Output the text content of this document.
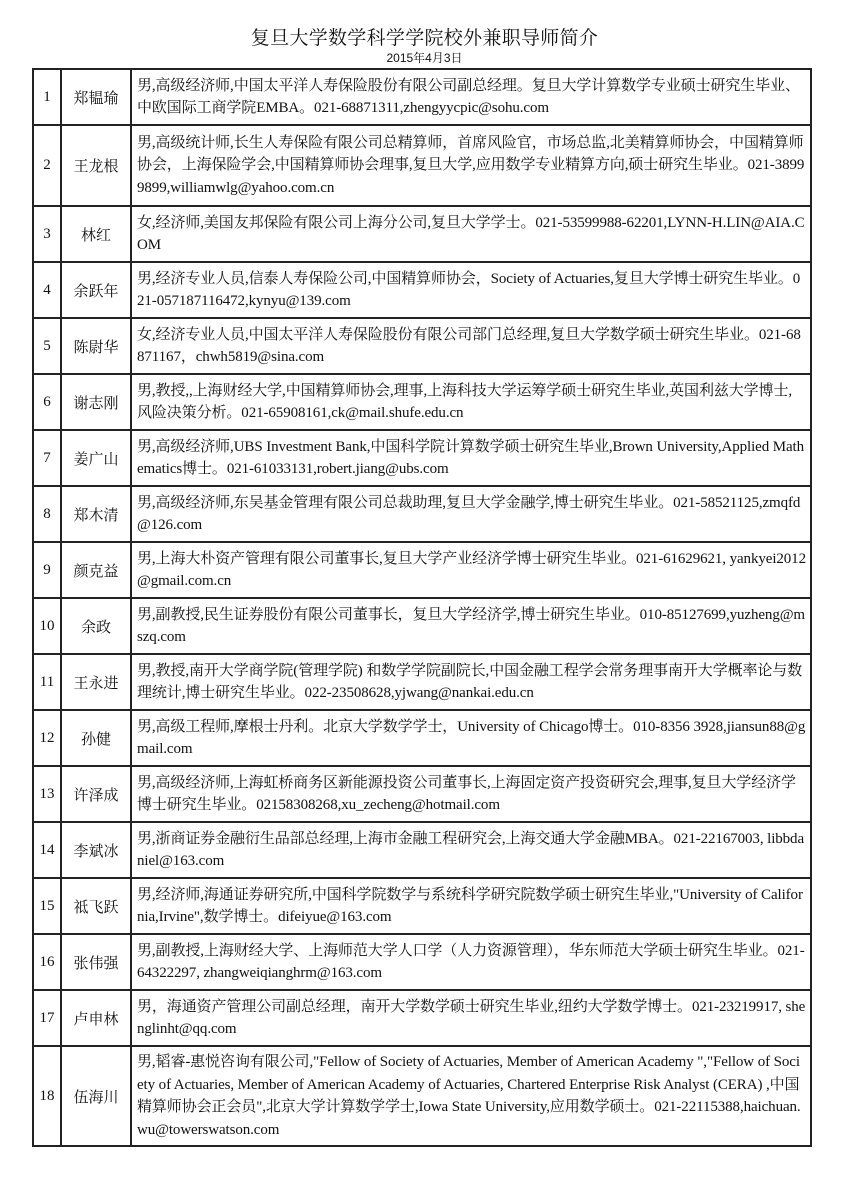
复旦大学数学科学学院校外兼职导师简介
2015年4月3日
1	郑韫瑜	男,高级经济师,中国太平洋人寿保险股份有限公司副总经理。复旦大学计算数学专业硕士研究生毕业、中欧国际工商学院EMBA。021-68871311,zhengyycpic@sohu.com
2	王龙根	男,高级统计师,长生人寿保险有限公司总精算师，首席风险官，市场总监,北美精算师协会，中国精算师协会，上海保险学会,中国精算师协会理事,复旦大学,应用数学专业精算方向,硕士研究生毕业。021-38999899,williamwlg@yahoo.com.cn
3	林红	女,经济师,美国友邦保险有限公司上海分公司,复旦大学学士。021-53599988-62201,LYNN-H.LIN@AIA.COM
4	余跃年	男,经济专业人员,信泰人寿保险公司,中国精算师协会，Society of Actuaries,复旦大学博士研究生毕业。021-057187116472,kynyu@139.com
5	陈尉华	女,经济专业人员,中国太平洋人寿保险股份有限公司部门总经理,复旦大学数学硕士研究生毕业。021-68871167，chwh5819@sina.com
6	谢志刚	男,教授,,上海财经大学,中国精算师协会,理事,上海科技大学运筹学硕士研究生毕业,英国利兹大学博士,风险决策分析。021-65908161,ck@mail.shufe.edu.cn
7	姜广山	男,高级经济师,UBS Investment Bank,中国科学院计算数学硕士研究生毕业,Brown University,Applied Mathematics博士。021-61033131,robert.jiang@ubs.com
8	郑木清	男,高级经济师,东吴基金管理有限公司总裁助理,复旦大学金融学,博士研究生毕业。021-58521125,zmqfd@126.com
9	颜克益	男,上海大朴资产管理有限公司董事长,复旦大学产业经济学博士研究生毕业。021-61629621, yankyei2012@gmail.com.cn
10	余政	男,副教授,民生证券股份有限公司董事长，复旦大学经济学,博士研究生毕业。010-85127699,yuzheng@mszq.com
11	王永进	男,教授,南开大学商学院(管理学院) 和数学学院副院长,中国金融工程学会常务理事南开大学概率论与数理统计,博士研究生毕业。022-23508628,yjwang@nankai.edu.cn
12	孙健	男,高级工程师,摩根士丹利。北京大学数学学士，University of Chicago博士。010-8356 3928,jiansun88@gmail.com
13	许泽成	男,高级经济师,上海虹桥商务区新能源投资公司董事长,上海固定资产投资研究会,理事,复旦大学经济学博士研究生毕业。02158308268,xu_zecheng@hotmail.com
14	李斌冰	男,浙商证券金融衍生品部总经理,上海市金融工程研究会,上海交通大学金融MBA。021-22167003, libbdaniel@163.com
15	祗飞跃	男,经济师,海通证券研究所,中国科学院数学与系统科学研究院数学硕士研究生毕业,"University of California,Irvine",数学博士。difeiyue@163.com
16	张伟强	男,副教授,上海财经大学、上海师范大学人口学（人力资源管理），华东师范大学硕士研究生毕业。021-64322297, zhangweiqianghrm@163.com
17	卢申林	男，海通资产管理公司副总经理，南开大学数学硕士研究生毕业,纽约大学数学博士。021-23219917, shenglinht@qq.com
18	伍海川	男,韬睿-惠悦咨询有限公司,"Fellow of Society of Actuaries, Member of American Academy ","Fellow of Society of Actuaries, Member of American Academy of Actuaries, Chartered Enterprise Risk Analyst (CERA) ,中国精算师协会正会员",北京大学计算数学学士,Iowa State University,应用数学硕士。021-22115388,haichuan. wu@towerswatson.com
